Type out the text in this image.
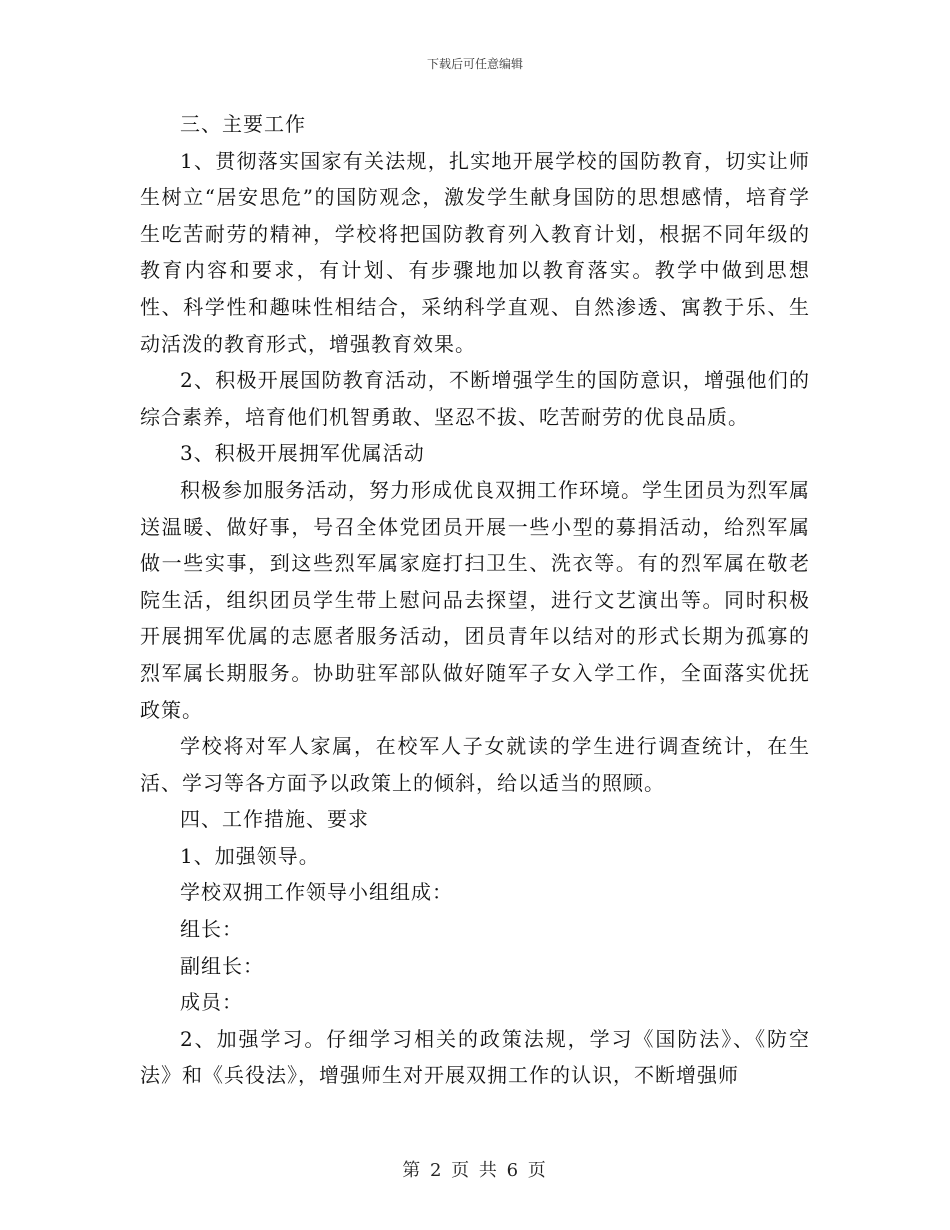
下载后可任意编辑

三、主要工作

1、贯彻落实国家有关法规，扎实地开展学校的国防教育，切实让师生树立“居安思危”的国防观念，激发学生献身国防的思想感情，培育学生吃苦耐劳的精神，学校将把国防教育列入教育计划，根据不同年级的教育内容和要求，有计划、有步骤地加以教育落实。教学中做到思想性、科学性和趣味性相结合，采纳科学直观、自然渗透、寓教于乐、生动活泼的教育形式，增强教育效果。

2、积极开展国防教育活动，不断增强学生的国防意识，增强他们的综合素养，培育他们机智勇敢、坚忍不拔、吃苦耐劳的优良品质。

3、积极开展拥军优属活动

积极参加服务活动，努力形成优良双拥工作环境。学生团员为烈军属送温暖、做好事，号召全体党团员开展一些小型的募捐活动，给烈军属做一些实事，到这些烈军属家庭打扫卫生、洗衣等。有的烈军属在敬老院生活，组织团员学生带上慰问品去探望，进行文艺演出等。同时积极开展拥军优属的志愿者服务活动，团员青年以结对的形式长期为孤寡的烈军属长期服务。协助驻军部队做好随军子女入学工作，全面落实优抚政策。

学校将对军人家属，在校军人子女就读的学生进行调查统计，在生活、学习等各方面予以政策上的倾斜，给以适当的照顾。

四、工作措施、要求

1、加强领导。

学校双拥工作领导小组组成：

组长：

副组长：

成员：

2、加强学习。仔细学习相关的政策法规，学习《国防法》、《防空法》和《兵役法》，增强师生对开展双拥工作的认识，不断增强师

第 2 页 共 6 页
